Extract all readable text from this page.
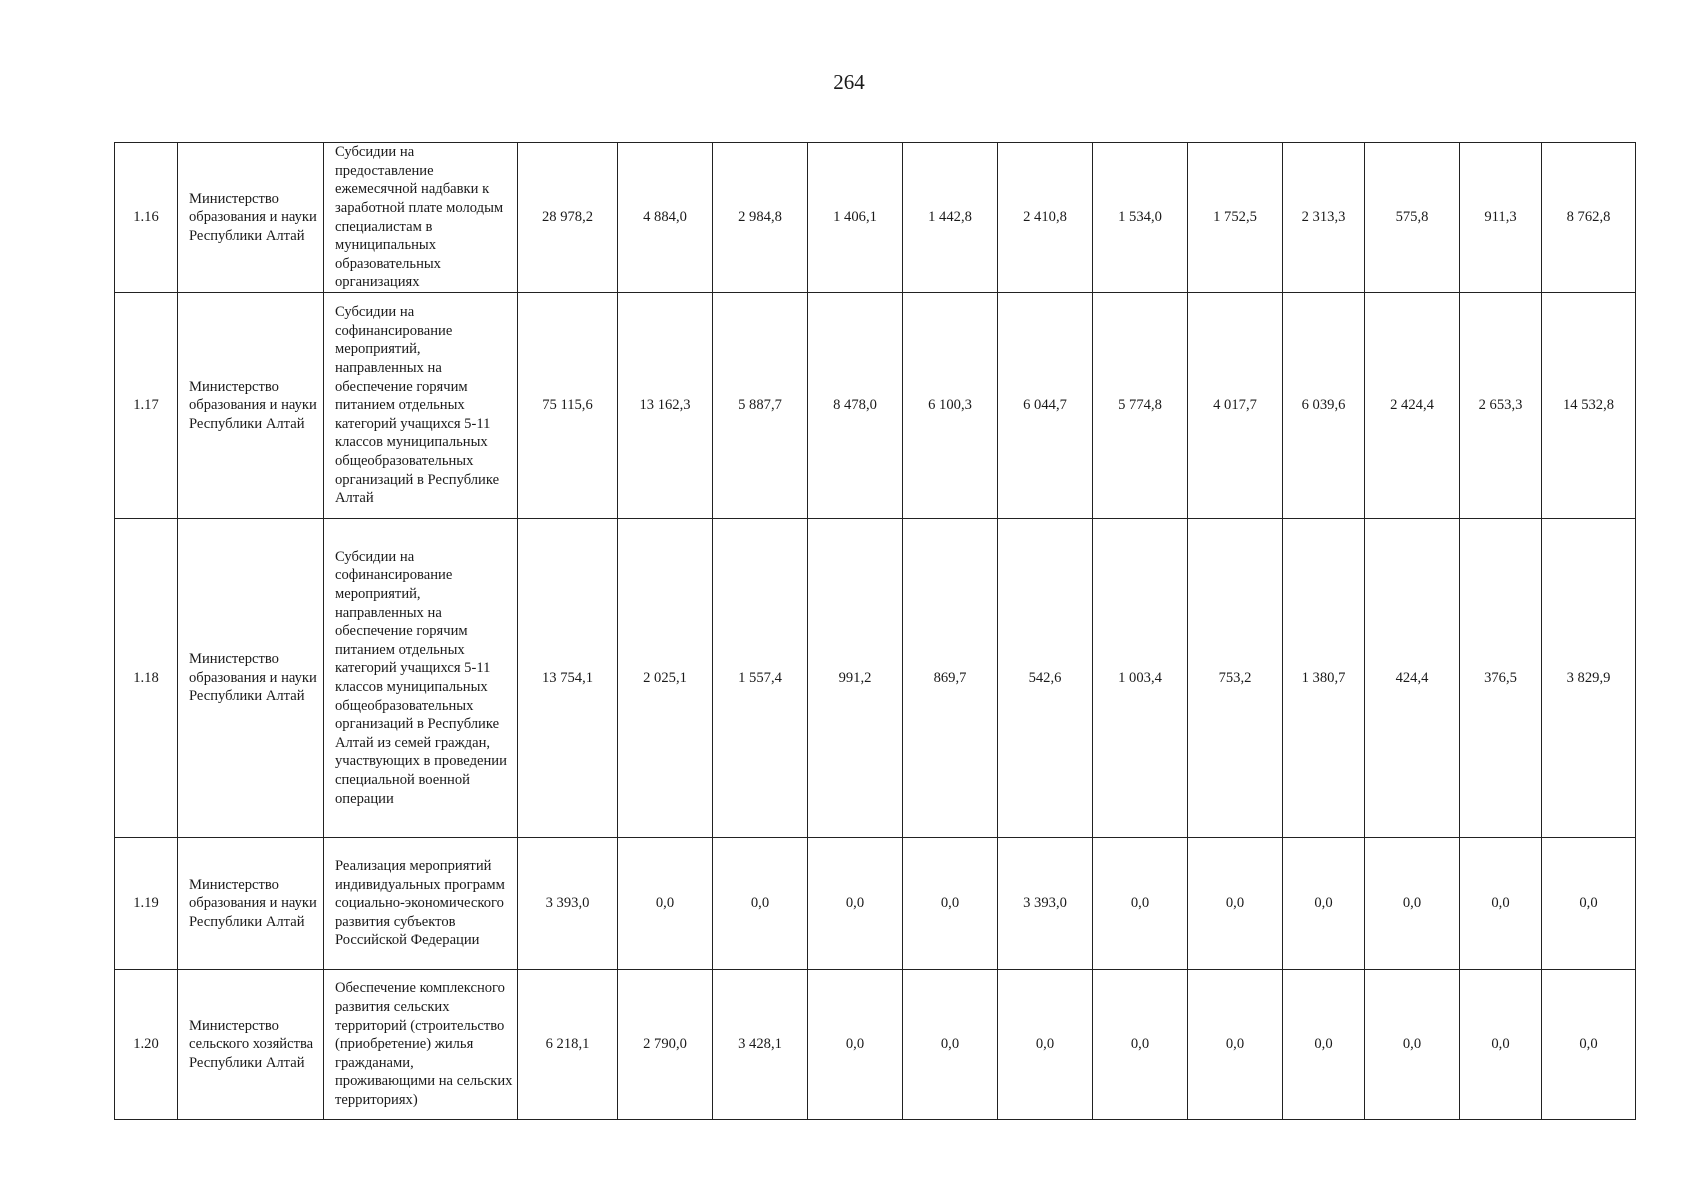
264
1.16	Министерство образования и науки Республики Алтай	Субсидии на предоставление ежемесячной надбавки к заработной плате молодым специалистам в муниципальных образовательных организациях	28 978,2	4 884,0	2 984,8	1 406,1	1 442,8	2 410,8	1 534,0	1 752,5	2 313,3	575,8	911,3	8 762,8
1.17	Министерство образования и науки Республики Алтай	Субсидии на софинансирование мероприятий, направленных на обеспечение горячим питанием отдельных категорий учащихся 5-11 классов муниципальных общеобразовательных организаций в Республике Алтай	75 115,6	13 162,3	5 887,7	8 478,0	6 100,3	6 044,7	5 774,8	4 017,7	6 039,6	2 424,4	2 653,3	14 532,8
1.18	Министерство образования и науки Республики Алтай	Субсидии на софинансирование мероприятий, направленных на обеспечение горячим питанием отдельных категорий учащихся 5-11 классов муниципальных общеобразовательных организаций в Республике Алтай из семей граждан, участвующих в проведении специальной военной операции	13 754,1	2 025,1	1 557,4	991,2	869,7	542,6	1 003,4	753,2	1 380,7	424,4	376,5	3 829,9
1.19	Министерство образования и науки Республики Алтай	Реализация мероприятий индивидуальных программ социально-экономического развития субъектов Российской Федерации	3 393,0	0,0	0,0	0,0	0,0	3 393,0	0,0	0,0	0,0	0,0	0,0	0,0
1.20	Министерство сельского хозяйства Республики Алтай	Обеспечение комплексного развития сельских территорий (строительство (приобретение) жилья гражданами, проживающими на сельских территориях)	6 218,1	2 790,0	3 428,1	0,0	0,0	0,0	0,0	0,0	0,0	0,0	0,0	0,0
